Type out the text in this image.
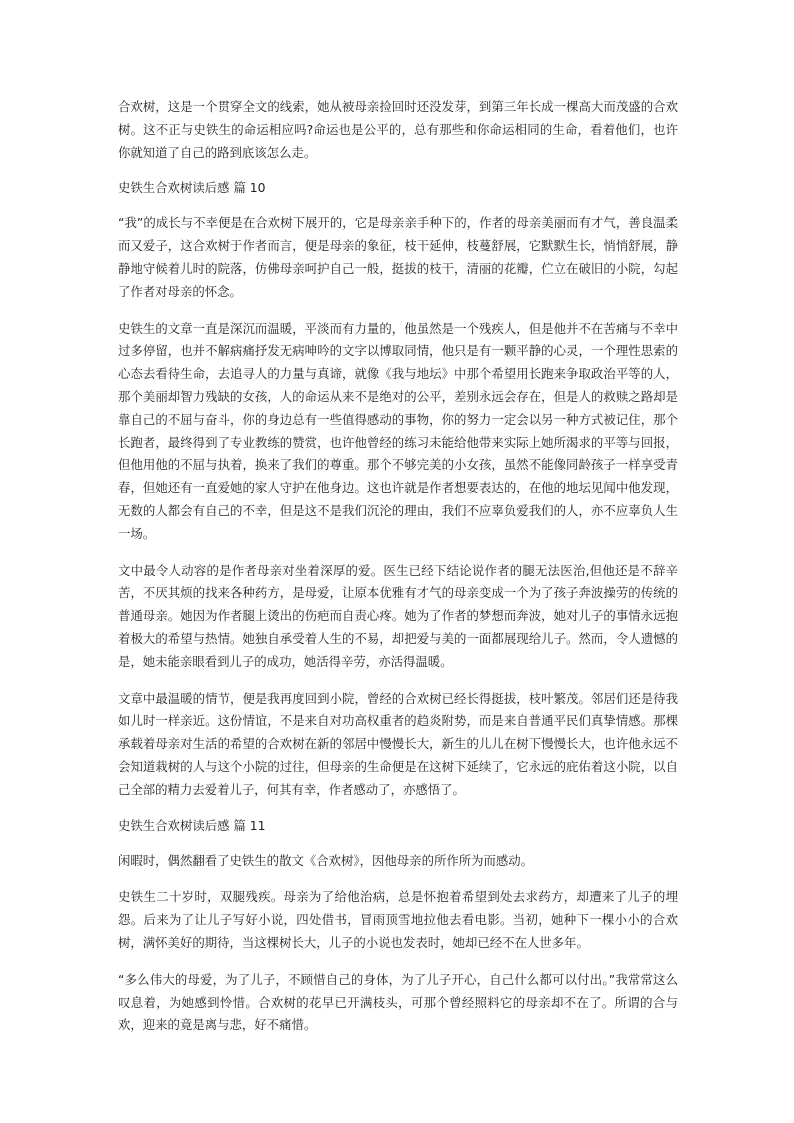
合欢树，这是一个贯穿全文的线索，她从被母亲捡回时还没发芽，到第三年长成一棵高大而茂盛的合欢树。这不正与史铁生的命运相应吗?命运也是公平的，总有那些和你命运相同的生命，看着他们，也许你就知道了自己的路到底该怎么走。

史铁生合欢树读后感 篇 10

“我”的成长与不幸便是在合欢树下展开的，它是母亲亲手种下的，作者的母亲美丽而有才气，善良温柔而又爱子，这合欢树于作者而言，便是母亲的象征，枝干延伸，枝蔓舒展，它默默生长，悄悄舒展，静静地守候着儿时的院落，仿佛母亲呵护自己一般，挺拔的枝干，清丽的花瓣，伫立在破旧的小院，勾起了作者对母亲的怀念。

史铁生的文章一直是深沉而温暖，平淡而有力量的，他虽然是一个残疾人，但是他并不在苦痛与不幸中过多停留，也并不解病痛抒发无病呻吟的文字以博取同情，他只是有一颗平静的心灵，一个理性思索的心态去看待生命，去追寻人的力量与真谛，就像《我与地坛》中那个希望用长跑来争取政治平等的人，那个美丽却智力残缺的女孩，人的命运从来不是绝对的公平，差别永远会存在，但是人的救赎之路却是靠自己的不屈与奋斗，你的身边总有一些值得感动的事物，你的努力一定会以另一种方式被记住，那个长跑者，最终得到了专业教练的赞赏，也许他曾经的练习未能给他带来实际上她所渴求的平等与回报，但他用他的不屈与执着，换来了我们的尊重。那个不够完美的小女孩，虽然不能像同龄孩子一样享受青春，但她还有一直爱她的家人守护在他身边。这也许就是作者想要表达的，在他的地坛见闻中他发现，无数的人都会有自己的不幸，但是这不是我们沉沦的理由，我们不应辜负爱我们的人，亦不应辜负人生一场。

文中最令人动容的是作者母亲对坐着深厚的爱。医生已经下结论说作者的腿无法医治,但他还是不辞辛苦，不厌其烦的找来各种药方，是母爱，让原本优雅有才气的母亲变成一个为了孩子奔波操劳的传统的普通母亲。她因为作者腿上烫出的伤疤而自责心疼。她为了作者的梦想而奔波，她对儿子的事情永远抱着极大的希望与热情。她独自承受着人生的不易，却把爱与美的一面都展现给儿子。然而，令人遗憾的是，她未能亲眼看到儿子的成功，她活得辛劳，亦活得温暖。

文章中最温暖的情节，便是我再度回到小院，曾经的合欢树已经长得挺拔，枝叶繁茂。邻居们还是待我如儿时一样亲近。这份情谊，不是来自对功高权重者的趋炎附势，而是来自普通平民们真挚情感。那棵承载着母亲对生活的希望的合欢树在新的邻居中慢慢长大，新生的儿儿在树下慢慢长大，也许他永远不会知道栽树的人与这个小院的过往，但母亲的生命便是在这树下延续了，它永远的庇佑着这小院，以自己全部的精力去爱着儿子，何其有幸，作者感动了，亦感悟了。

史铁生合欢树读后感 篇 11

闲暇时，偶然翻看了史铁生的散文《合欢树》，因他母亲的所作所为而感动。

史铁生二十岁时，双腿残疾。母亲为了给他治病，总是怀抱着希望到处去求药方，却遭来了儿子的埋怨。后来为了让儿子写好小说，四处借书，冒雨顶雪地拉他去看电影。当初，她种下一棵小小的合欢树，满怀美好的期待，当这棵树长大，儿子的小说也发表时，她却已经不在人世多年。

“多么伟大的母爱，为了儿子，不顾惜自己的身体，为了儿子开心，自己什么都可以付出。”我常常这么叹息着，为她感到怜惜。合欢树的花早已开满枝头，可那个曾经照料它的母亲却不在了。所谓的合与欢，迎来的竟是离与悲，好不痛惜。
